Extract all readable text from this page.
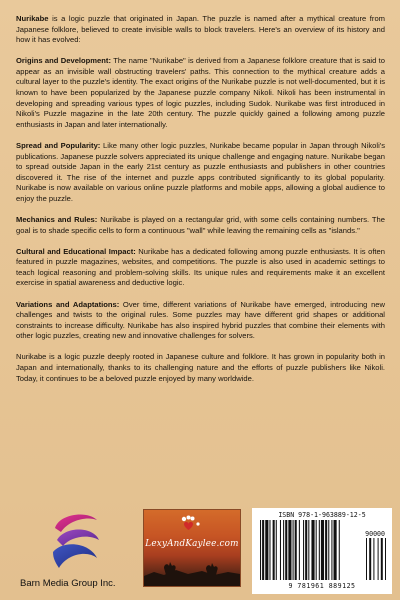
Nurikabe is a logic puzzle that originated in Japan. The puzzle is named after a mythical creature from Japanese folklore, believed to create invisible walls to block travelers. Here's an overview of its history and how it has evolved:

Origins and Development: The name "Nurikabe" is derived from a Japanese folklore creature that is said to appear as an invisible wall obstructing travelers' paths. This connection to the mythical creature adds a cultural layer to the puzzle's identity. The exact origins of the Nurikabe puzzle is not well-documented, but it is known to have been popularized by the Japanese puzzle company Nikoli. Nikoli has been instrumental in developing and spreading various types of logic puzzles, including Sudok. Nurikabe was first introduced in Nikoli's Puzzle magazine in the late 20th century. The puzzle quickly gained a following among puzzle enthusiasts in Japan and later internationally.

Spread and Popularity: Like many other logic puzzles, Nurikabe became popular in Japan through Nikoli's publications. Japanese puzzle solvers appreciated its unique challenge and engaging nature. Nurikabe began to spread outside Japan in the early 21st century as puzzle enthusiasts and publishers in other countries discovered it. The rise of the internet and puzzle apps contributed significantly to its global popularity. Nurikabe is now available on various online puzzle platforms and mobile apps, allowing a global audience to enjoy the puzzle.

Mechanics and Rules: Nurikabe is played on a rectangular grid, with some cells containing numbers. The goal is to shade specific cells to form a continuous "wall" while leaving the remaining cells as "islands."

Cultural and Educational Impact: Nurikabe has a dedicated following among puzzle enthusiasts. It is often featured in puzzle magazines, websites, and competitions. The puzzle is also used in academic settings to teach logical reasoning and problem-solving skills. Its unique rules and requirements make it an excellent exercise in spatial awareness and deductive logic.

Variations and Adaptations: Over time, different variations of Nurikabe have emerged, introducing new challenges and twists to the original rules. Some puzzles may have different grid shapes or additional constraints to increase difficulty. Nurikabe has also inspired hybrid puzzles that combine their elements with other logic puzzles, creating new and innovative challenges for solvers.

Nurikabe is a logic puzzle deeply rooted in Japanese culture and folklore. It has grown in popularity both in Japan and internationally, thanks to its challenging nature and the efforts of puzzle publishers like Nikoli. Today, it continues to be a beloved puzzle enjoyed by many worldwide.

Barn Media Group Inc.
LexyAndKaylee.com
ISBN 978-1-963889-12-5
90000
9 781961 889125
